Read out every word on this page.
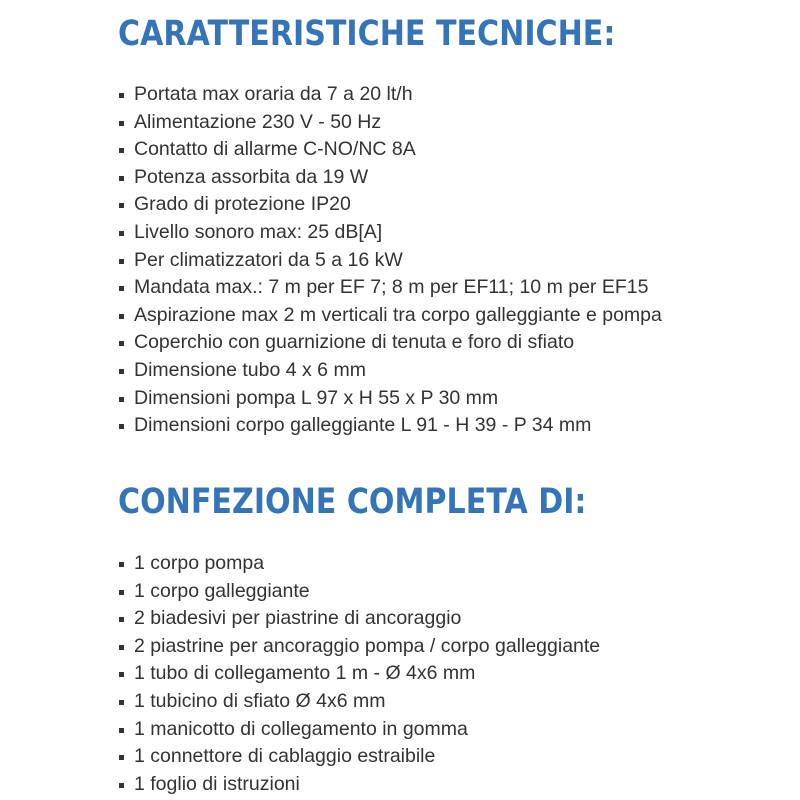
CARATTERISTICHE TECNICHE:
Portata max oraria da 7 a 20 lt/h
Alimentazione 230 V - 50 Hz
Contatto di allarme C-NO/NC 8A
Potenza assorbita da 19 W
Grado di protezione IP20
Livello sonoro max: 25 dB[A]
Per climatizzatori da 5 a 16 kW
Mandata max.: 7 m per EF 7; 8 m per EF11; 10 m per EF15
Aspirazione max 2 m verticali tra corpo galleggiante e pompa
Coperchio con guarnizione di tenuta e foro di sfiato
Dimensione tubo 4 x 6 mm
Dimensioni pompa L 97 x H 55 x P 30 mm
Dimensioni corpo galleggiante L 91 - H 39 - P 34 mm
CONFEZIONE COMPLETA DI:
1 corpo pompa
1 corpo galleggiante
2 biadesivi per piastrine di ancoraggio
2 piastrine per ancoraggio pompa / corpo galleggiante
1 tubo di collegamento 1 m - Ø 4x6 mm
1 tubicino di sfiato Ø 4x6 mm
1 manicotto di collegamento in gomma
1 connettore di cablaggio estraibile
1 foglio di istruzioni
